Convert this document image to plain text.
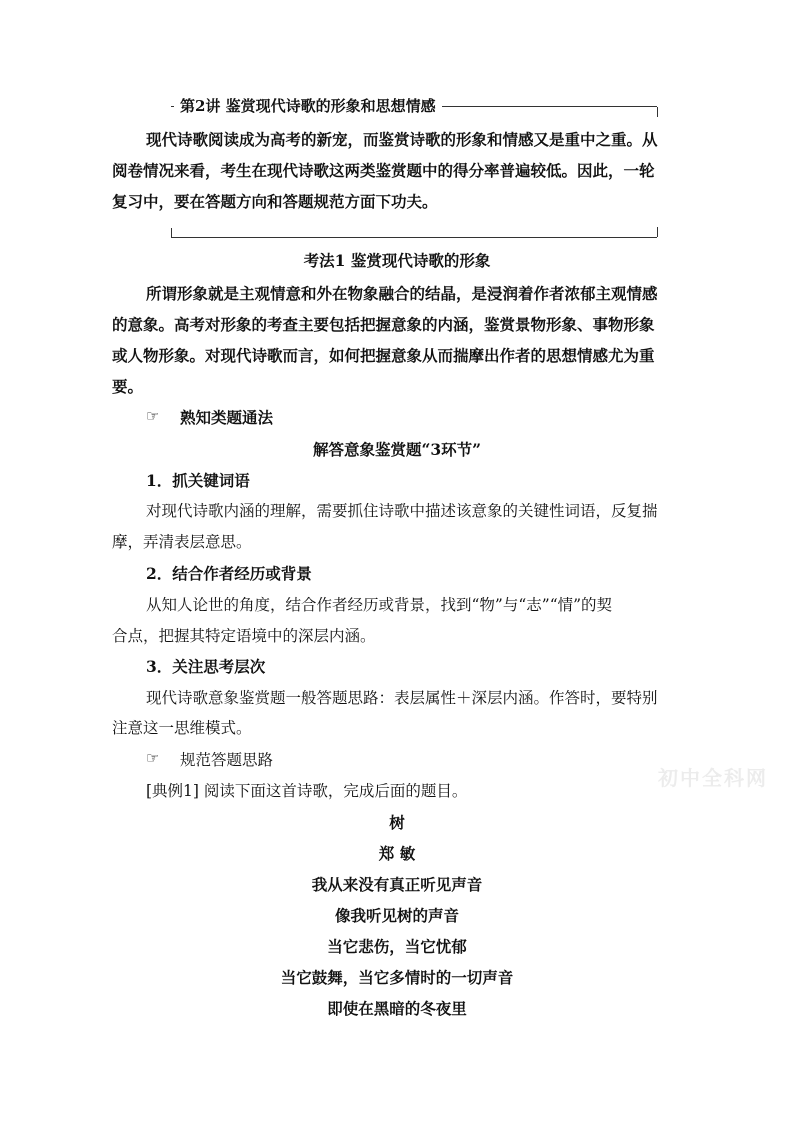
第2讲 鉴赏现代诗歌的形象和思想情感
现代诗歌阅读成为高考的新宠，而鉴赏诗歌的形象和情感又是重中之重。从
阅卷情况来看，考生在现代诗歌这两类鉴赏题中的得分率普遍较低。因此，一轮
复习中，要在答题方向和答题规范方面下功夫。
考法1 鉴赏现代诗歌的形象
所谓形象就是主观情意和外在物象融合的结晶，是浸润着作者浓郁主观情感
的意象。高考对形象的考查主要包括把握意象的内涵，鉴赏景物形象、事物形象
或人物形象。对现代诗歌而言，如何把握意象从而揣摩出作者的思想情感尤为重
要。
☞ 熟知类题通法
解答意象鉴赏题“3环节”
1．抓关键词语
对现代诗歌内涵的理解，需要抓住诗歌中描述该意象的关键性词语，反复揣
摩，弄清表层意思。
2．结合作者经历或背景
从知人论世的角度，结合作者经历或背景，找到“物”与“志”“情”的契
合点，把握其特定语境中的深层内涵。
3．关注思考层次
现代诗歌意象鉴赏题一般答题思路：表层属性＋深层内涵。作答时，要特别
注意这一思维模式。
☞ 规范答题思路
[典例1] 阅读下面这首诗歌，完成后面的题目。
初中全科网
树
郑 敏
我从来没有真正听见声音
像我听见树的声音
当它悲伤，当它忧郁
当它鼓舞，当它多情时的一切声音
即使在黑暗的冬夜里
